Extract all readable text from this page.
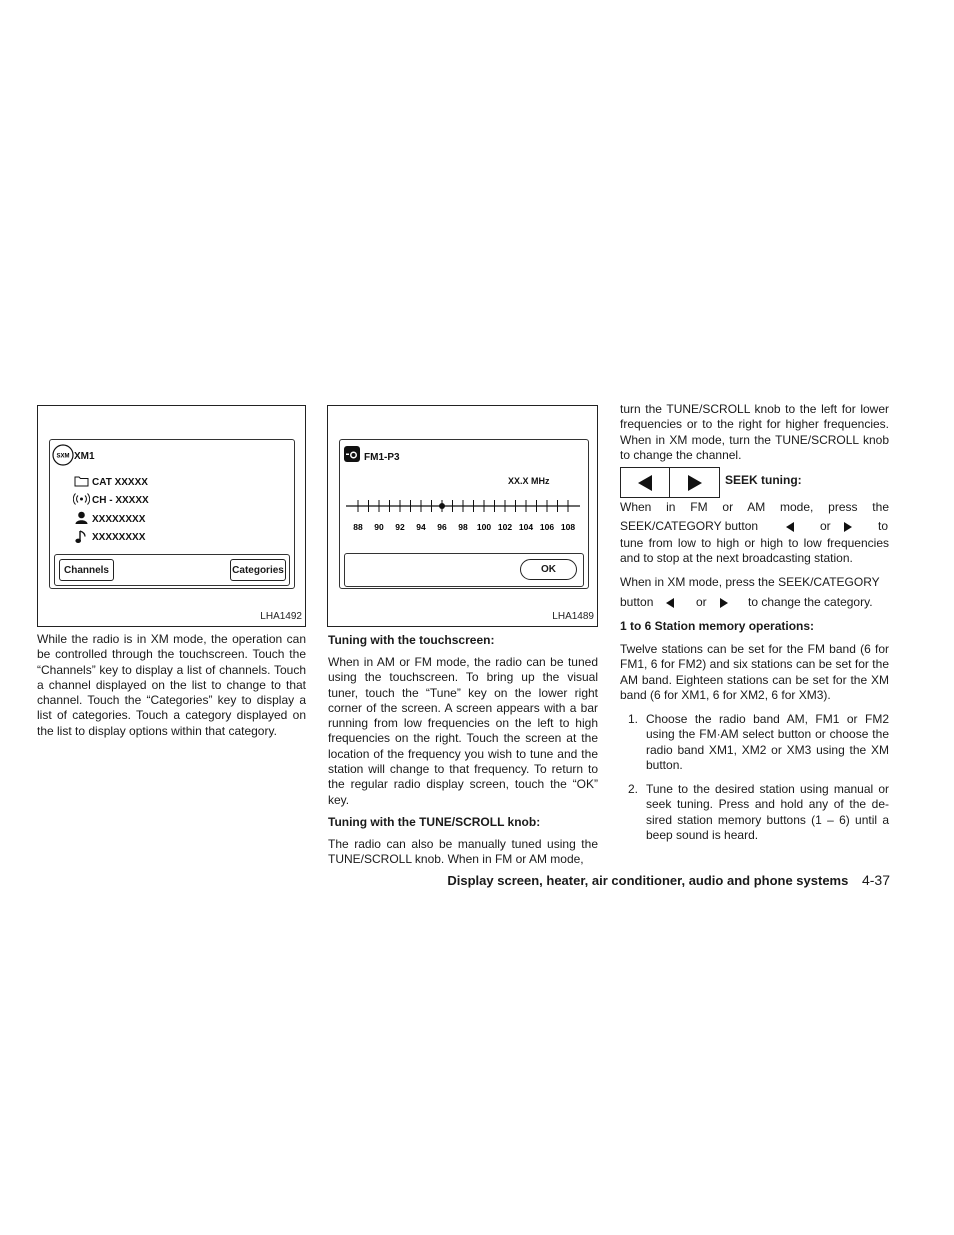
SXM XM1
CAT XXXXX
CH - XXXXX
XXXXXXXX
XXXXXXXX
Channels	Categories
LHA1492
FM1-P3
XX.X MHz
88 90 92 94 96 98 100 102 104 106 108
OK
LHA1489

While the radio is in XM mode, the operation can be controlled through the touchscreen. Touch the “Channels” key to display a list of channels. Touch a channel displayed on the list to change to that channel. Touch the “Categories” key to display a list of categories. Touch a category displayed on the list to display options within that category.

Tuning with the touchscreen:

When in AM or FM mode, the radio can be tuned using the touchscreen. To bring up the visual tuner, touch the “Tune” key on the lower right corner of the screen. A screen appears with a bar running from low frequencies on the left to high frequencies on the right. Touch the screen at the location of the frequency you wish to tune and the station will change to that frequency. To return to the regular radio display screen, touch the “OK” key.

Tuning with the TUNE/SCROLL knob:

The radio can also be manually tuned using the TUNE/SCROLL knob. When in FM or AM mode,

turn the TUNE/SCROLL knob to the left for lower frequencies or to the right for higher frequencies. When in XM mode, turn the TUNE/SCROLL knob to change the channel.

SEEK tuning:

When in FM or AM mode, press the

SEEK/CATEGORY button	or	to

tune from low to high or high to low frequencies and to stop at the next broadcasting station.

When in XM mode, press the SEEK/CATEGORY

button	or	to change the category.

1 to 6 Station memory operations:

Twelve stations can be set for the FM band (6 for FM1, 6 for FM2) and six stations can be set for the AM band. Eighteen stations can be set for the XM band (6 for XM1, 6 for XM2, 6 for XM3).

1. Choose the radio band AM, FM1 or FM2 using the FM·AM select button or choose the radio band XM1, XM2 or XM3 using the XM button.
2. Tune to the desired station using manual or seek tuning. Press and hold any of the de- sired station memory buttons (1 – 6) until a beep sound is heard.
Display screen, heater, air conditioner, audio and phone systems 4-37
